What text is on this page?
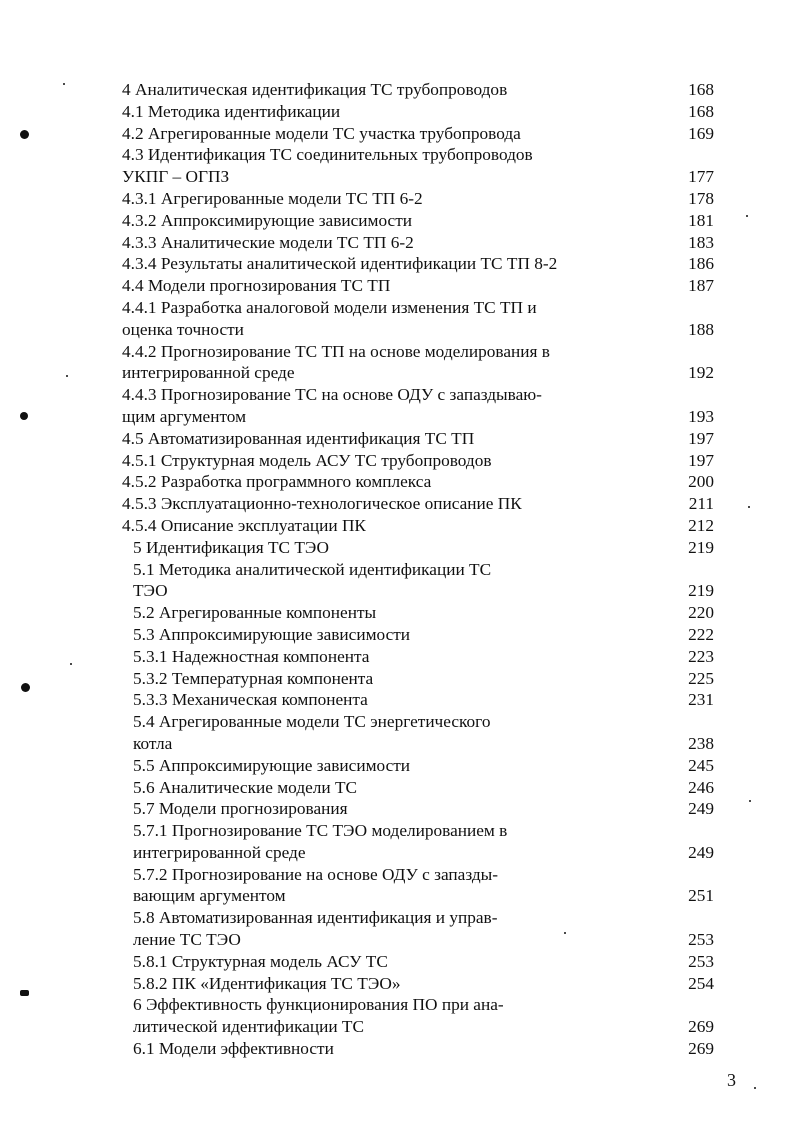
4 Аналитическая идентификация ТС трубопроводов	168
4.1 Методика идентификации	168
4.2 Агрегированные модели ТС участка трубопровода	169
4.3 Идентификация ТС соединительных трубопроводов
УКПГ – ОГПЗ	177
4.3.1 Агрегированные модели ТС ТП 6-2	178
4.3.2 Аппроксимирующие зависимости	181
4.3.3 Аналитические модели ТС ТП 6-2	183
4.3.4 Результаты аналитической идентификации ТС ТП 8-2	186
4.4 Модели прогнозирования ТС ТП	187
4.4.1 Разработка аналоговой модели изменения ТС ТП и
оценка точности	188
4.4.2 Прогнозирование ТС ТП на основе моделирования в
интегрированной среде	192
4.4.3 Прогнозирование ТС на основе ОДУ с запаздываю-
щим аргументом	193
4.5 Автоматизированная идентификация ТС ТП	197
4.5.1 Структурная модель АСУ ТС трубопроводов	197
4.5.2 Разработка программного комплекса	200
4.5.3 Эксплуатационно-технологическое описание ПК	211
4.5.4 Описание эксплуатации ПК	212
5 Идентификация ТС ТЭО	219
5.1 Методика аналитической идентификации ТС
ТЭО	219
5.2 Агрегированные компоненты	220
5.3 Аппроксимирующие зависимости	222
5.3.1 Надежностная компонента	223
5.3.2 Температурная компонента	225
5.3.3 Механическая компонента	231
5.4 Агрегированные модели ТС энергетического
котла	238
5.5 Аппроксимирующие зависимости	245
5.6 Аналитические модели ТС	246
5.7 Модели прогнозирования	249
5.7.1 Прогнозирование ТС ТЭО моделированием в
интегрированной среде	249
5.7.2 Прогнозирование на основе ОДУ с запазды-
вающим аргументом	251
5.8 Автоматизированная идентификация и управ-
ление ТС ТЭО	253
5.8.1 Структурная модель АСУ ТС	253
5.8.2 ПК «Идентификация ТС ТЭО»	254
6 Эффективность функционирования ПО при ана-
литической идентификации ТС	269
6.1 Модели эффективности	269
3
